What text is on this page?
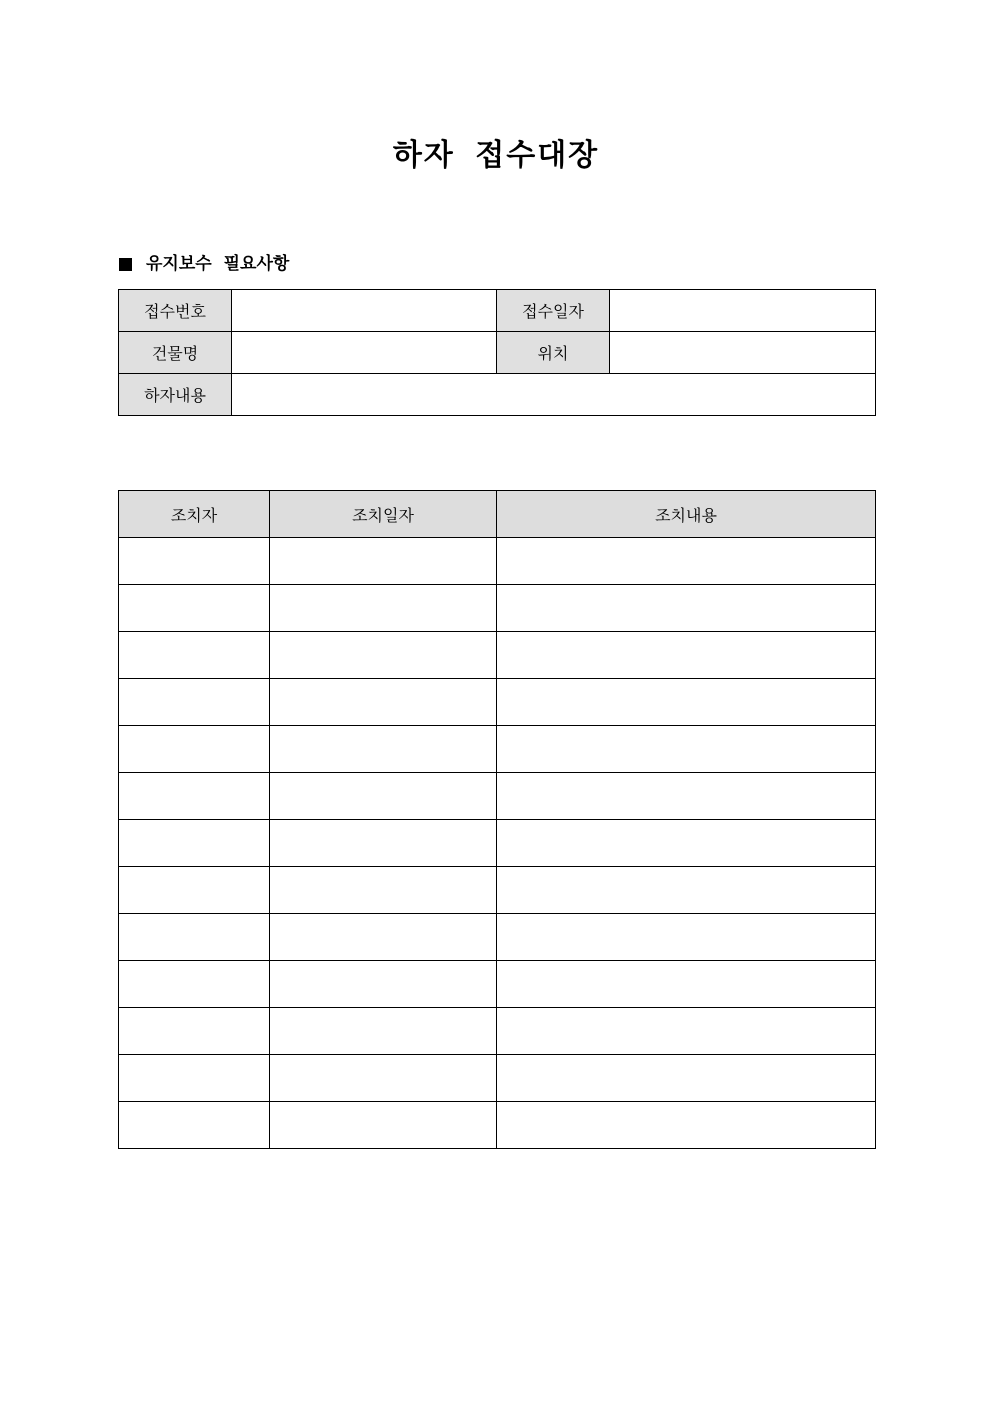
하자 접수대장
유지보수 필요사항
접수번호		접수일자	
건물명		위치	
하자내용			
조치자	조치일자	조치내용
